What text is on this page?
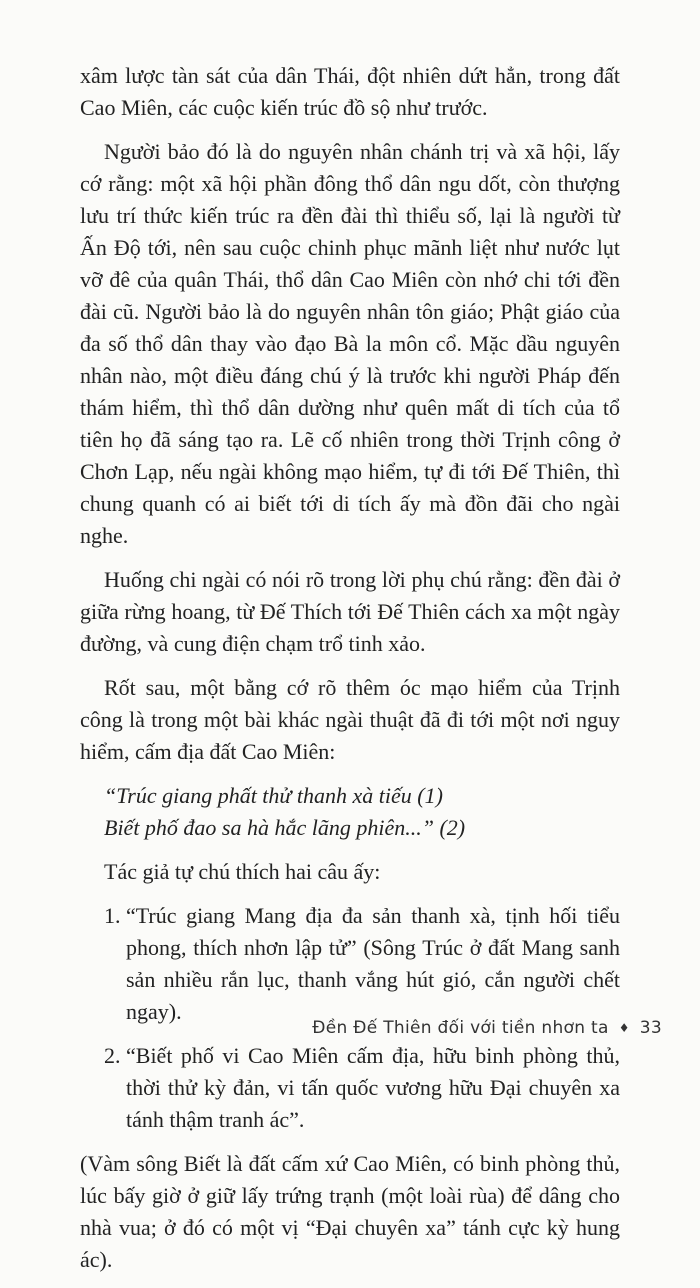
xâm lược tàn sát của dân Thái, đột nhiên dứt hẳn, trong đất Cao Miên, các cuộc kiến trúc đồ sộ như trước.

Người bảo đó là do nguyên nhân chánh trị và xã hội, lấy cớ rằng: một xã hội phần đông thổ dân ngu dốt, còn thượng lưu trí thức kiến trúc ra đền đài thì thiểu số, lại là người từ Ấn Độ tới, nên sau cuộc chinh phục mãnh liệt như nước lụt vỡ đê của quân Thái, thổ dân Cao Miên còn nhớ chi tới đền đài cũ. Người bảo là do nguyên nhân tôn giáo; Phật giáo của đa số thổ dân thay vào đạo Bà la môn cổ. Mặc dầu nguyên nhân nào, một điều đáng chú ý là trước khi người Pháp đến thám hiểm, thì thổ dân dường như quên mất di tích của tổ tiên họ đã sáng tạo ra. Lẽ cố nhiên trong thời Trịnh công ở Chơn Lạp, nếu ngài không mạo hiểm, tự đi tới Đế Thiên, thì chung quanh có ai biết tới di tích ấy mà đồn đãi cho ngài nghe.

Huống chi ngài có nói rõ trong lời phụ chú rằng: đền đài ở giữa rừng hoang, từ Đế Thích tới Đế Thiên cách xa một ngày đường, và cung điện chạm trổ tinh xảo.

Rốt sau, một bằng cớ rõ thêm óc mạo hiểm của Trịnh công là trong một bài khác ngài thuật đã đi tới một nơi nguy hiểm, cấm địa đất Cao Miên:

“Trúc giang phất thử thanh xà tiếu (1)
Biết phố đao sa hà hắc lãng phiên...” (2)

Tác giả tự chú thích hai câu ấy:

1. “Trúc giang Mang địa đa sản thanh xà, tịnh hối tiểu phong, thích nhơn lập tử” (Sông Trúc ở đất Mang sanh sản nhiều rắn lục, thanh vắng hút gió, cắn người chết ngay).
2. “Biết phố vi Cao Miên cấm địa, hữu binh phòng thủ, thời thử kỳ đản, vi tấn quốc vương hữu Đại chuyên xa tánh thậm tranh ác”.

(Vàm sông Biết là đất cấm xứ Cao Miên, có binh phòng thủ, lúc bấy giờ ở giữ lấy trứng trạnh (một loài rùa) để dâng cho nhà vua; ở đó có một vị “Đại chuyên xa” tánh cực kỳ hung ác).

Đền Đế Thiên đối với tiền nhơn ta ♦ 33
